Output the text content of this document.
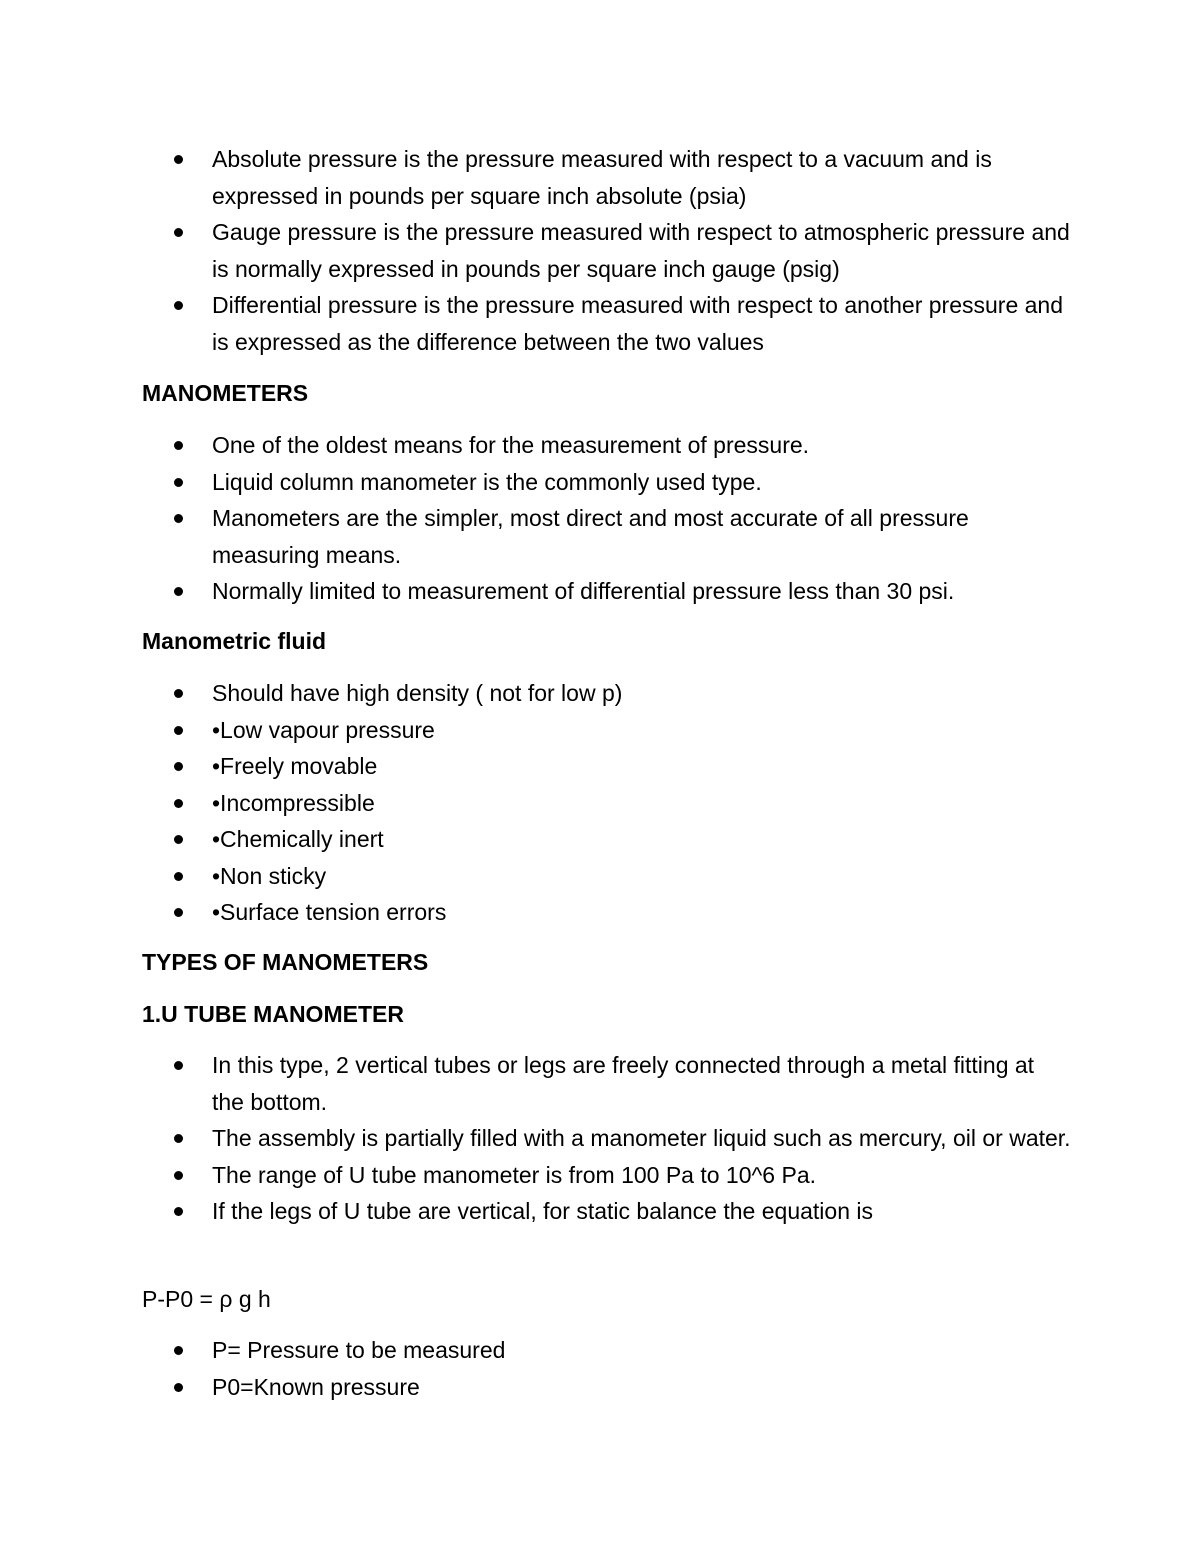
Absolute pressure is the pressure measured with respect to a vacuum and is expressed in pounds per square inch absolute (psia)
Gauge pressure is the pressure measured with respect to atmospheric pressure and is normally expressed in pounds per square inch gauge (psig)
Differential pressure is the pressure measured with respect to another pressure and is expressed as the difference between the two values

MANOMETERS

One of the oldest means for the measurement of pressure.
Liquid column manometer is the commonly used type.
Manometers are the simpler, most direct and most accurate of all pressure measuring means.
Normally limited to measurement of differential pressure less than 30 psi.

Manometric fluid

Should have high density ( not for low p)
•Low vapour pressure
•Freely movable
•Incompressible
•Chemically inert
•Non sticky
•Surface tension errors

TYPES OF MANOMETERS

1.U TUBE MANOMETER

In this type, 2 vertical tubes or legs are freely connected through a metal fitting at the bottom.
The assembly is partially filled with a manometer liquid such as mercury, oil or water.
The range of U tube manometer is from 100 Pa to 10^6 Pa.
If the legs of U tube are vertical, for static balance the equation is

P-P0 = ρ g h

P= Pressure to be measured
P0=Known pressure
